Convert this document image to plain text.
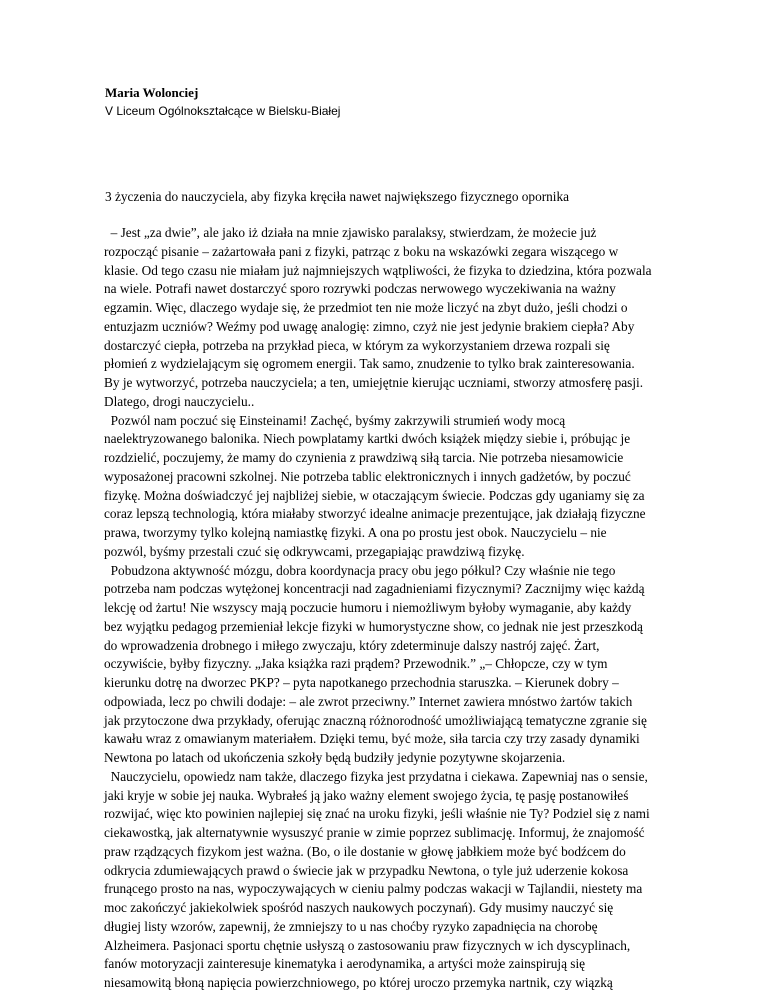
Maria Wolonciej

V Liceum Ogólnokształcące w Bielsku-Białej

3 życzenia do nauczyciela, aby fizyka kręciła nawet największego fizycznego opornika

– Jest „za dwie”, ale jako iż działa na mnie zjawisko paralaksy, stwierdzam, że możecie już
rozpocząć pisanie – zażartowała pani z fizyki, patrząc z boku na wskazówki zegara wiszącego w
klasie. Od tego czasu nie miałam już najmniejszych wątpliwości, że fizyka to dziedzina, która pozwala
na wiele. Potrafi nawet dostarczyć sporo rozrywki podczas nerwowego wyczekiwania na ważny
egzamin. Więc, dlaczego wydaje się, że przedmiot ten nie może liczyć na zbyt dużo, jeśli chodzi o
entuzjazm uczniów? Weźmy pod uwagę analogię: zimno, czyż nie jest jedynie brakiem ciepła? Aby
dostarczyć ciepła, potrzeba na przykład pieca, w którym za wykorzystaniem drzewa rozpali się
płomień z wydzielającym się ogromem energii. Tak samo, znudzenie to tylko brak zainteresowania.
By je wytworzyć, potrzeba nauczyciela; a ten, umiejętnie kierując uczniami, stworzy atmosferę pasji.
Dlatego, drogi nauczycielu..
Pozwól nam poczuć się Einsteinami! Zachęć, byśmy zakrzywili strumień wody mocą
naelektryzowanego balonika. Niech powplatamy kartki dwóch książek między siebie i, próbując je
rozdzielić, poczujemy, że mamy do czynienia z prawdziwą siłą tarcia. Nie potrzeba niesamowicie
wyposażonej pracowni szkolnej. Nie potrzeba tablic elektronicznych i innych gadżetów, by poczuć
fizykę. Można doświadczyć jej najbliżej siebie, w otaczającym świecie. Podczas gdy uganiamy się za
coraz lepszą technologią, która miałaby stworzyć idealne animacje prezentujące, jak działają fizyczne
prawa, tworzymy tylko kolejną namiastkę fizyki. A ona po prostu jest obok. Nauczycielu – nie
pozwól, byśmy przestali czuć się odkrywcami, przegapiając prawdziwą fizykę.
Pobudzona aktywność mózgu, dobra koordynacja pracy obu jego półkul? Czy właśnie nie tego
potrzeba nam podczas wytężonej koncentracji nad zagadnieniami fizycznymi? Zacznijmy więc każdą
lekcję od żartu! Nie wszyscy mają poczucie humoru i niemożliwym byłoby wymaganie, aby każdy
bez wyjątku pedagog przemieniał lekcje fizyki w humorystyczne show, co jednak nie jest przeszkodą
do wprowadzenia drobnego i miłego zwyczaju, który zdeterminuje dalszy nastrój zajęć. Żart,
oczywiście, byłby fizyczny. „Jaka książka razi prądem? Przewodnik.” „– Chłopcze, czy w tym
kierunku dotrę na dworzec PKP? – pyta napotkanego przechodnia staruszka. – Kierunek dobry –
odpowiada, lecz po chwili dodaje: – ale zwrot przeciwny.” Internet zawiera mnóstwo żartów takich
jak przytoczone dwa przykłady, oferując znaczną różnorodność umożliwiającą tematyczne zgranie się
kawału wraz z omawianym materiałem. Dzięki temu, być może, siła tarcia czy trzy zasady dynamiki
Newtona po latach od ukończenia szkoły będą budziły jedynie pozytywne skojarzenia.
Nauczycielu, opowiedz nam także, dlaczego fizyka jest przydatna i ciekawa. Zapewniaj nas o sensie,
jaki kryje w sobie jej nauka. Wybrałeś ją jako ważny element swojego życia, tę pasję postanowiłeś
rozwijać, więc kto powinien najlepiej się znać na uroku fizyki, jeśli właśnie nie Ty? Podziel się z nami
ciekawostką, jak alternatywnie wysuszyć pranie w zimie poprzez sublimację. Informuj, że znajomość
praw rządzących fizykom jest ważna. (Bo, o ile dostanie w głowę jabłkiem może być bodźcem do
odkrycia zdumiewających prawd o świecie jak w przypadku Newtona, o tyle już uderzenie kokosa
frunącego prosto na nas, wypoczywających w cieniu palmy podczas wakacji w Tajlandii, niestety ma
moc zakończyć jakiekolwiek spośród naszych naukowych poczynań). Gdy musimy nauczyć się
długiej listy wzorów, zapewnij, że zmniejszy to u nas choćby ryzyko zapadnięcia na chorobę
Alzheimera. Pasjonaci sportu chętnie usłyszą o zastosowaniu praw fizycznych w ich dyscyplinach,
fanów motoryzacji zainteresuje kinematyka i aerodynamika, a artyści może zainspirują się
niesamowitą błoną napięcia powierzchniowego, po której uroczo przemyka nartnik, czy wiązką
